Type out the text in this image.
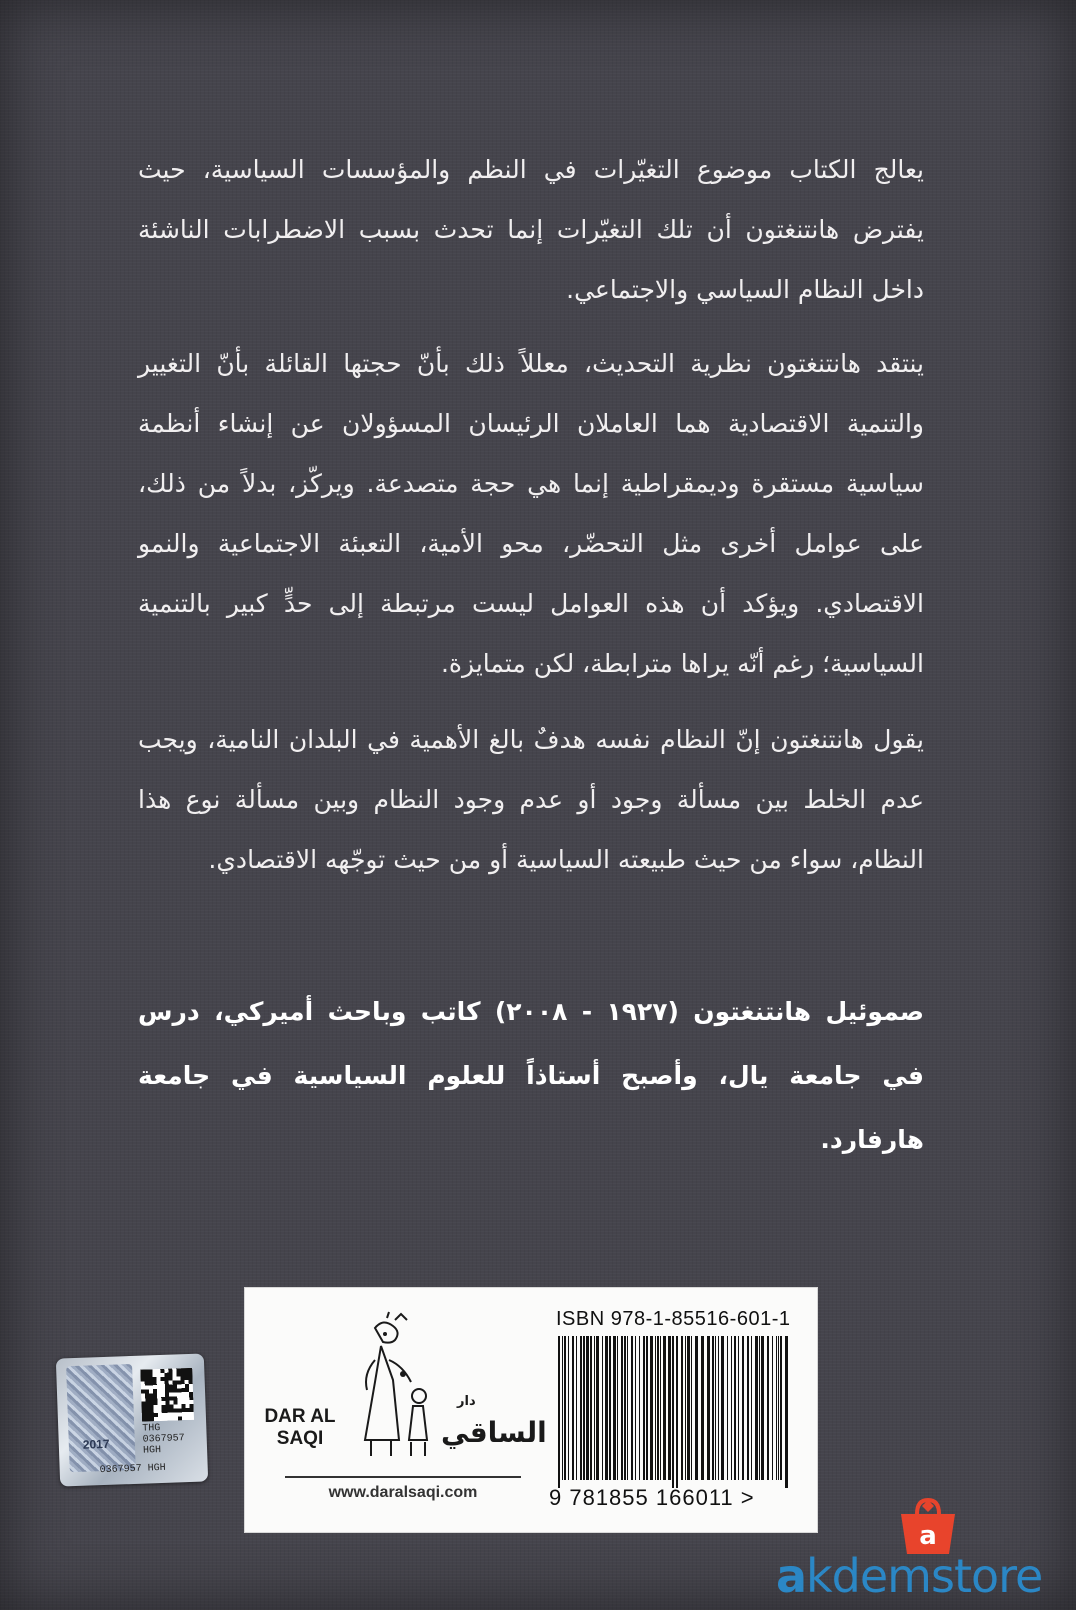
يعالج الكتاب موضوع التغيّرات في النظم والمؤسسات السياسية، حيث يفترض هانتنغتون أن تلك التغيّرات إنما تحدث بسبب الاضطرابات الناشئة داخل النظام السياسي والاجتماعي.

ينتقد هانتنغتون نظرية التحديث، معللاً ذلك بأنّ حجتها القائلة بأنّ التغيير والتنمية الاقتصادية هما العاملان الرئيسان المسؤولان عن إنشاء أنظمة سياسية مستقرة وديمقراطية إنما هي حجة متصدعة. ويركّز، بدلاً من ذلك، على عوامل أخرى مثل التحضّر، محو الأمية، التعبئة الاجتماعية والنمو الاقتصادي. ويؤكد أن هذه العوامل ليست مرتبطة إلى حدٍّ كبير بالتنمية السياسية؛ رغم أنّه يراها مترابطة، لكن متمايزة.

يقول هانتنغتون إنّ النظام نفسه هدفٌ بالغ الأهمية في البلدان النامية، ويجب عدم الخلط بين مسألة وجود أو عدم وجود النظام وبين مسألة نوع هذا النظام، سواء من حيث طبيعته السياسية أو من حيث توجّهه الاقتصادي.

صموئيل هانتنغتون (١٩٢٧ - ٢٠٠٨) كاتب وباحث أميركي، درس في جامعة يال، وأصبح أستاذاً للعلوم السياسية في جامعة هارفارد.

ISBN 978-1-85516-601-1
9 781855 166011 >
DAR AL SAQI
دار
الساقي
www.daralsaqi.com
THG
0367957
HGH
2017
0367957 HGH
a
akdemstore
